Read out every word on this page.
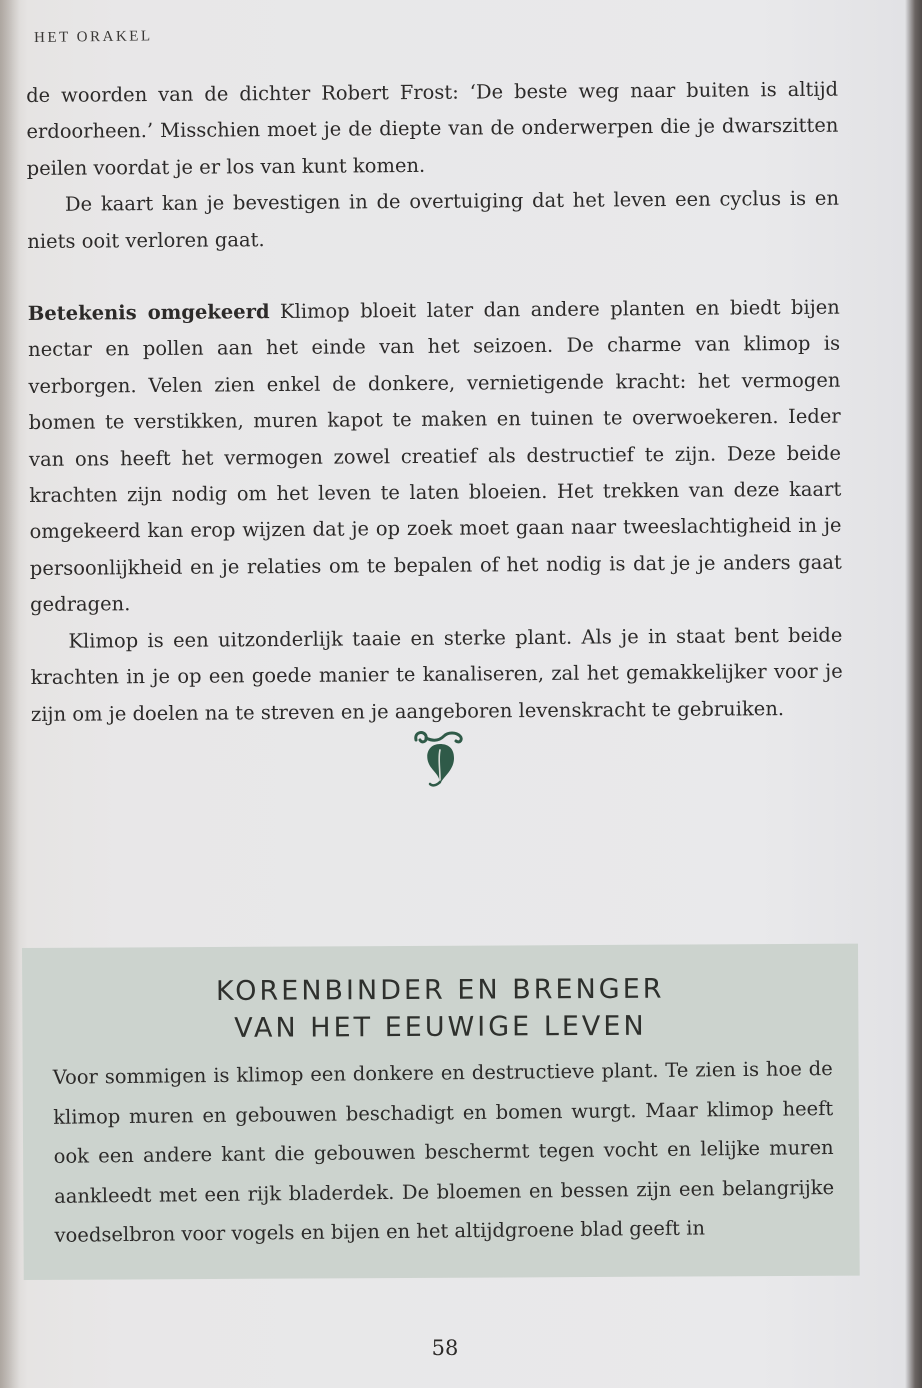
HET ORAKEL

de woorden van de dichter Robert Frost: ‘De beste weg naar buiten is altijd erdoorheen.’ Misschien moet je de diepte van de onderwerpen die je dwarszitten peilen voordat je er los van kunt komen.

De kaart kan je bevestigen in de overtuiging dat het leven een cyclus is en niets ooit verloren gaat.

Betekenis omgekeerd Klimop bloeit later dan andere planten en biedt bijen nectar en pollen aan het einde van het seizoen. De charme van klimop is verborgen. Velen zien enkel de donkere, vernietigende kracht: het vermogen bomen te verstikken, muren kapot te maken en tuinen te overwoekeren. Ieder van ons heeft het vermogen zowel creatief als destructief te zijn. Deze beide krachten zijn nodig om het leven te laten bloeien. Het trekken van deze kaart omgekeerd kan erop wijzen dat je op zoek moet gaan naar tweeslachtigheid in je persoonlijkheid en je relaties om te bepalen of het nodig is dat je je anders gaat gedragen.

Klimop is een uitzonderlijk taaie en sterke plant. Als je in staat bent beide krachten in je op een goede manier te kanaliseren, zal het gemakkelijker voor je zijn om je doelen na te streven en je aangeboren levenskracht te gebruiken.

KORENBINDER EN BRENGER
VAN HET EEUWIGE LEVEN
Voor sommigen is klimop een donkere en destructieve plant. Te zien is hoe de klimop muren en gebouwen beschadigt en bomen wurgt. Maar klimop heeft ook een andere kant die gebouwen beschermt tegen vocht en lelijke muren aankleedt met een rijk bladerdek. De bloemen en bessen zijn een belangrijke voedselbron voor vogels en bijen en het altijdgroene blad geeft in
58
